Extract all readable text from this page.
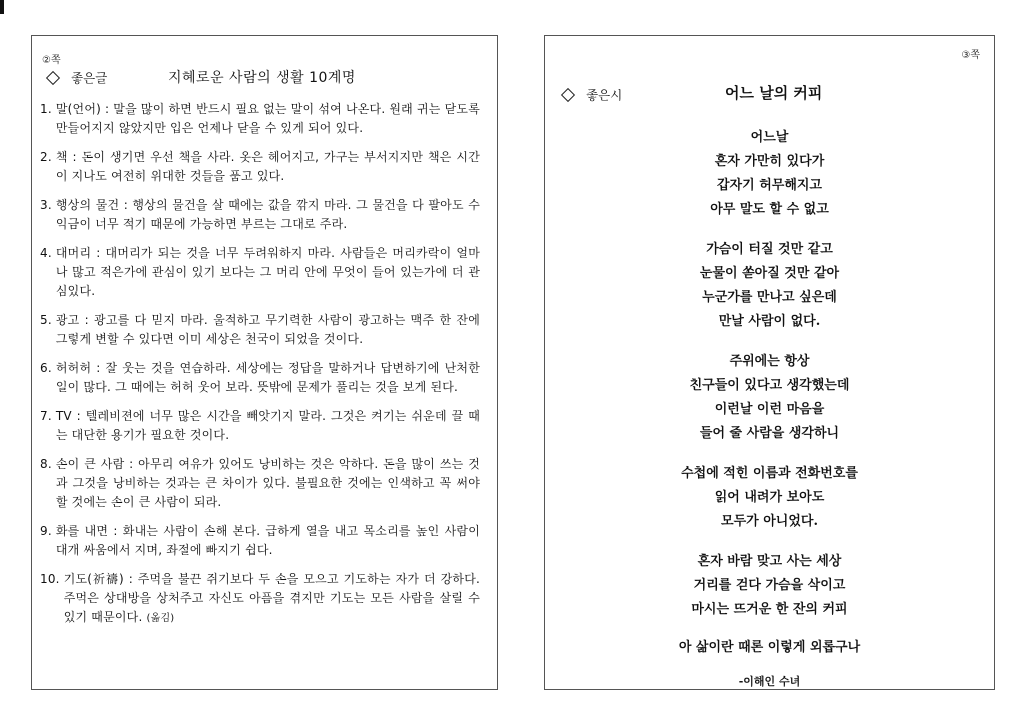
②쪽
좋은글	지혜로운 사람의 생활 10계명
1. 말(언어) : 말을 많이 하면 반드시 필요 없는 말이 섞여 나온다. 원래 귀는 닫도록 만들어지지 않았지만 입은 언제나 닫을 수 있게 되어 있다.
2. 책 : 돈이 생기면 우선 책을 사라. 옷은 헤어지고, 가구는 부서지지만 책은 시간이 지나도 여전히 위대한 것들을 품고 있다.
3. 행상의 물건 : 행상의 물건을 살 때에는 값을 깎지 마라. 그 물건을 다 팔아도 수익금이 너무 적기 때문에 가능하면 부르는 그대로 주라.
4. 대머리 : 대머리가 되는 것을 너무 두려워하지 마라. 사람들은 머리카락이 얼마나 많고 적은가에 관심이 있기 보다는 그 머리 안에 무엇이 들어 있는가에 더 관심있다.
5. 광고 : 광고를 다 믿지 마라. 울적하고 무기력한 사람이 광고하는 맥주 한 잔에 그렇게 변할 수 있다면 이미 세상은 천국이 되었을 것이다.
6. 허허허 : 잘 웃는 것을 연습하라. 세상에는 정답을 말하거나 답변하기에 난처한 일이 많다. 그 때에는 허허 웃어 보라. 뜻밖에 문제가 풀리는 것을 보게 된다.
7. TV : 텔레비젼에 너무 많은 시간을 빼앗기지 말라. 그것은 켜기는 쉬운데 끌 때는 대단한 용기가 필요한 것이다.
8. 손이 큰 사람 : 아무리 여유가 있어도 낭비하는 것은 악하다. 돈을 많이 쓰는 것과 그것을 낭비하는 것과는 큰 차이가 있다. 불필요한 것에는 인색하고 꼭 써야 할 것에는 손이 큰 사람이 되라.
9. 화를 내면 : 화내는 사람이 손해 본다. 급하게 열을 내고 목소리를 높인 사람이 대개 싸움에서 지며, 좌절에 빠지기 쉽다.
10. 기도(祈禱) : 주먹을 불끈 쥐기보다 두 손을 모으고 기도하는 자가 더 강하다. 주먹은 상대방을 상처주고 자신도 아픔을 겪지만 기도는 모든 사람을 살릴 수 있기 때문이다. (옮김)
③쪽
좋은시	어느 날의 커피
어느날
혼자 가만히 있다가
갑자기 허무해지고
아무 말도 할 수 없고
가슴이 터질 것만 같고
눈물이 쏟아질 것만 같아
누군가를 만나고 싶은데
만날 사람이 없다.
주위에는 항상
친구들이 있다고 생각했는데
이런날 이런 마음을
들어 줄 사람을 생각하니
수첩에 적힌 이름과 전화번호를
읽어 내려가 보아도
모두가 아니었다.
혼자 바람 맞고 사는 세상
거리를 걷다 가슴을 삭이고
마시는 뜨거운 한 잔의 커피
아 삶이란 때론 이렇게 외롭구나
-이해인 수녀
